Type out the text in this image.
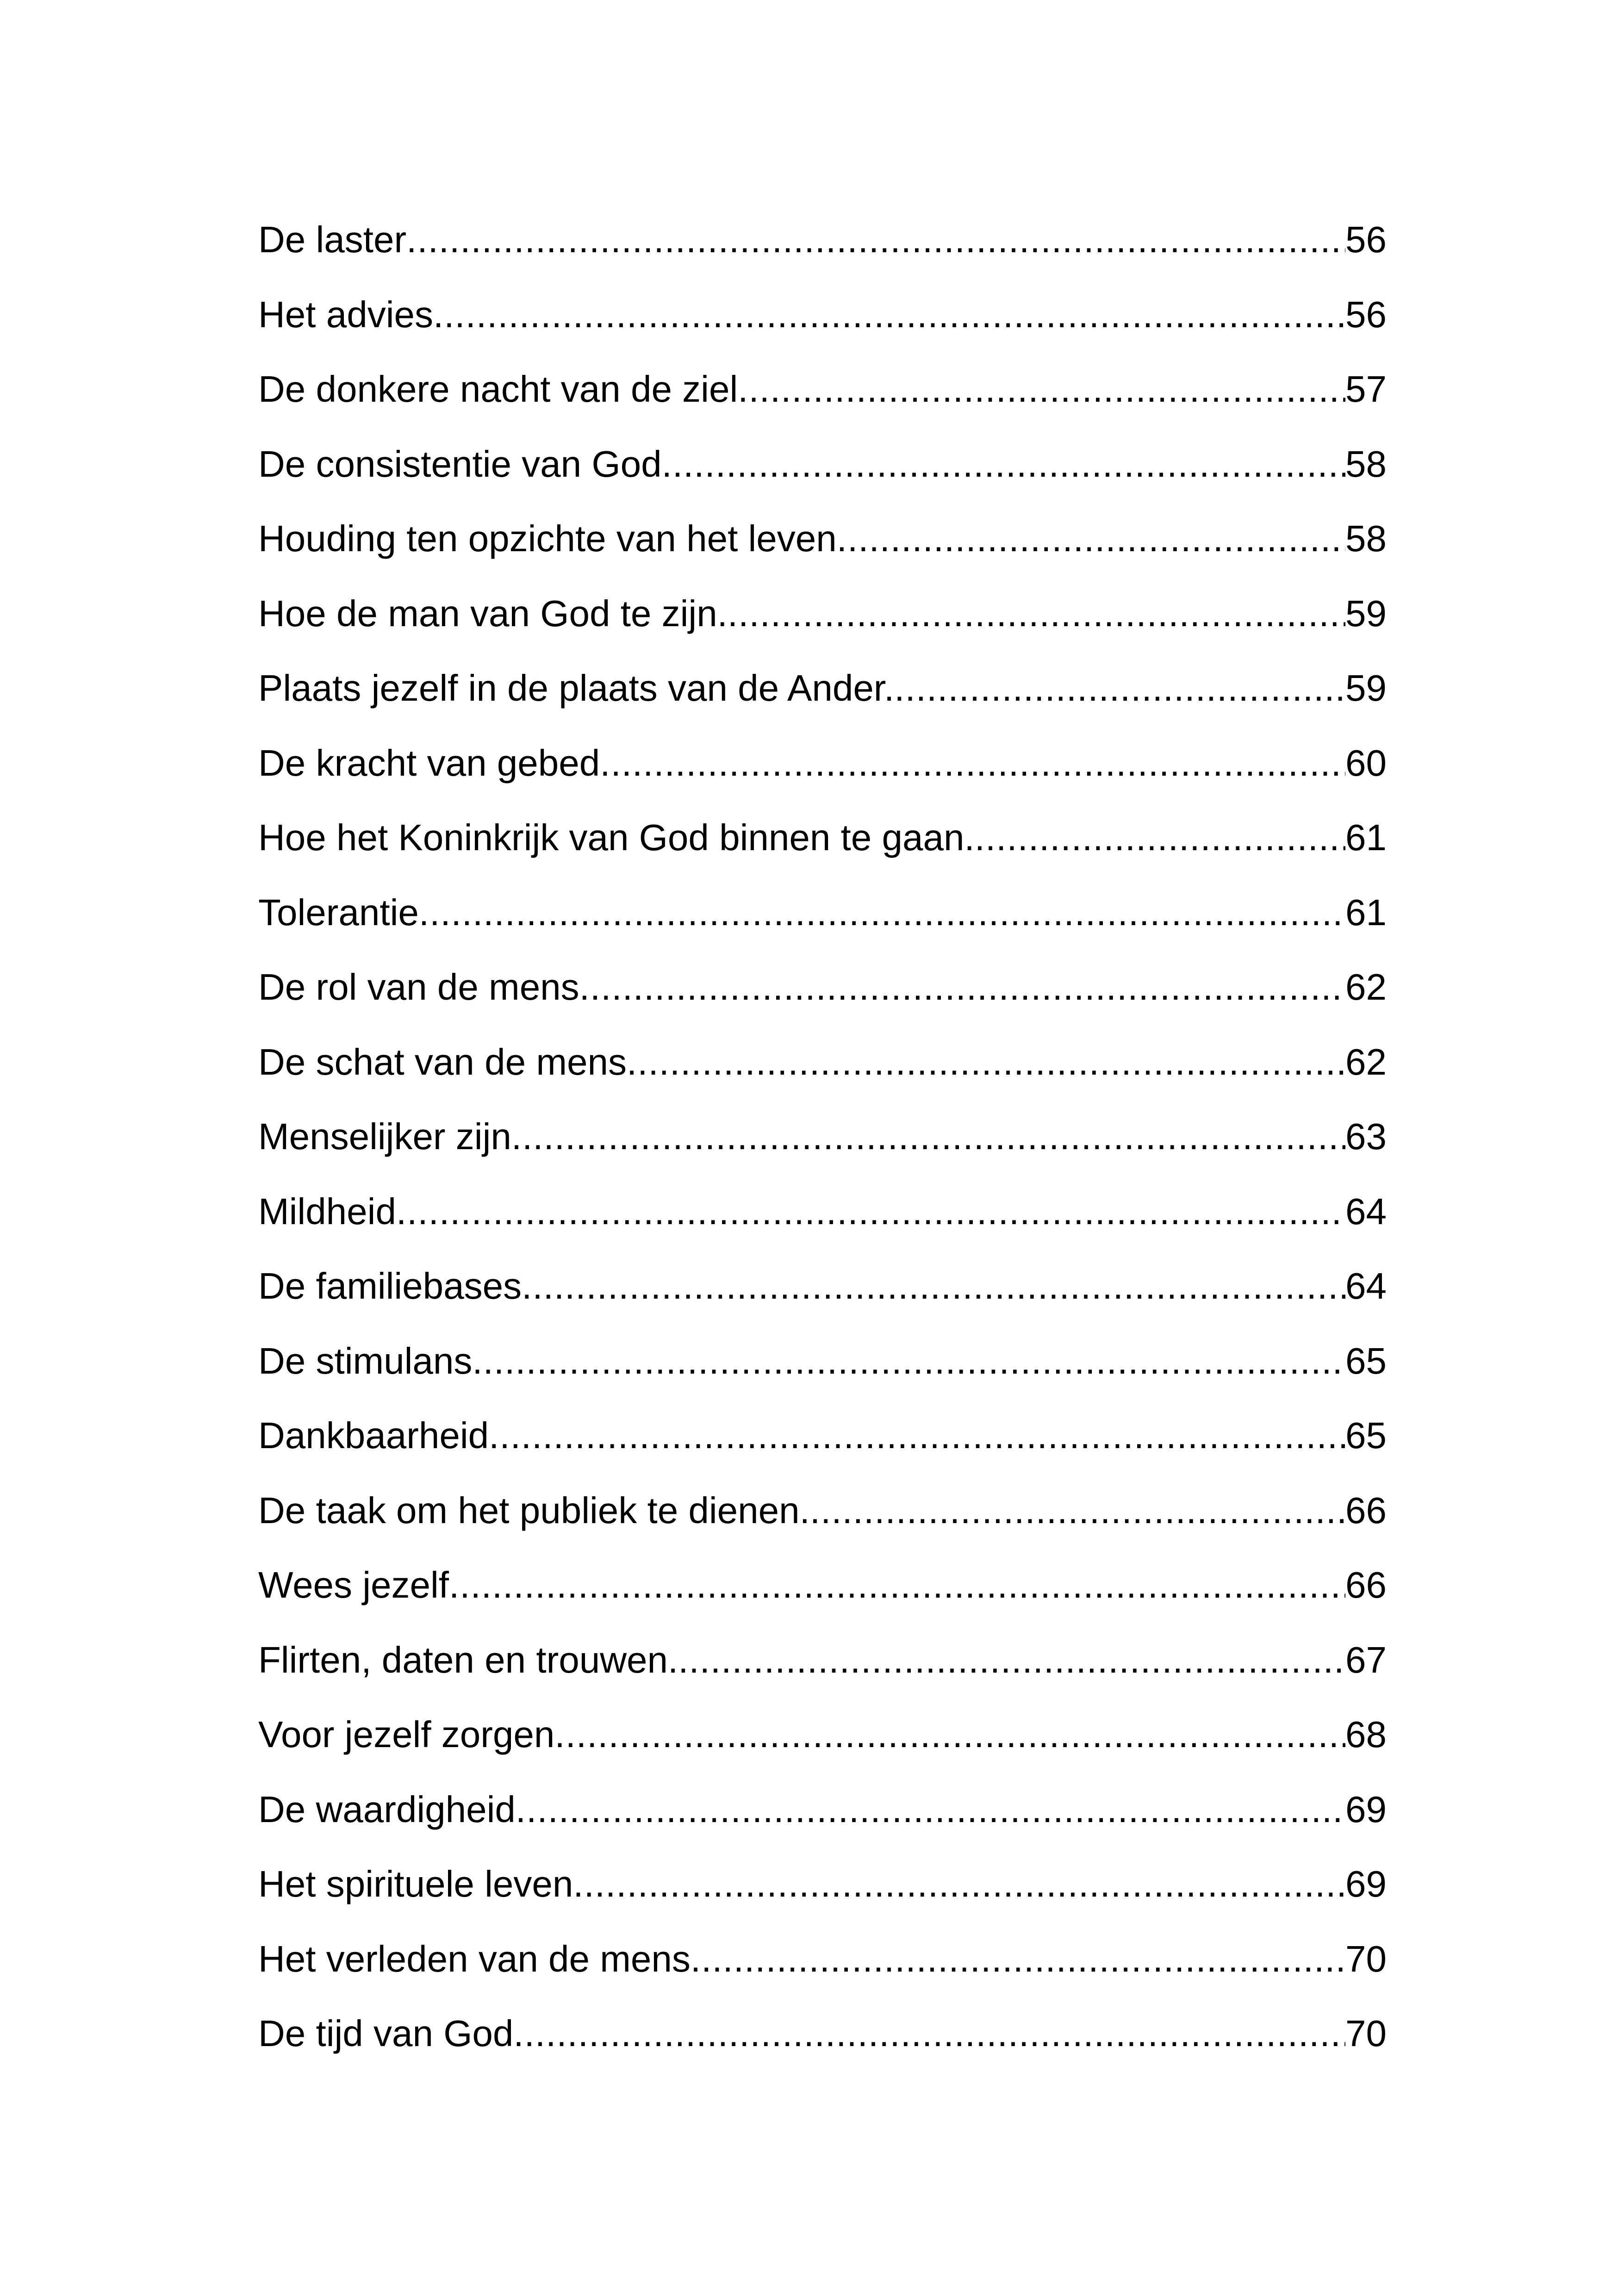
De laster .....	56
Het advies .....	56
De donkere nacht van de ziel .....	57
De consistentie van God .....	58
Houding ten opzichte van het leven .....	58
Hoe de man van God te zijn. .....	59
Plaats jezelf in de plaats van de Ander. .....	59
De kracht van gebed .....	60
Hoe het Koninkrijk van God binnen te gaan. .....	61
Tolerantie .....	61
De rol van de mens .....	62
De schat van de mens .....	62
Menselijker zijn .....	63
Mildheid .....	64
De familiebases .....	64
De stimulans .....	65
Dankbaarheid .....	65
De taak om het publiek te dienen. .....	66
Wees jezelf .....	66
Flirten, daten en trouwen. .....	67
Voor jezelf zorgen .....	68
De waardigheid .....	69
Het spirituele leven .....	69
Het verleden van de mens .....	70
De tijd van God .....	70
